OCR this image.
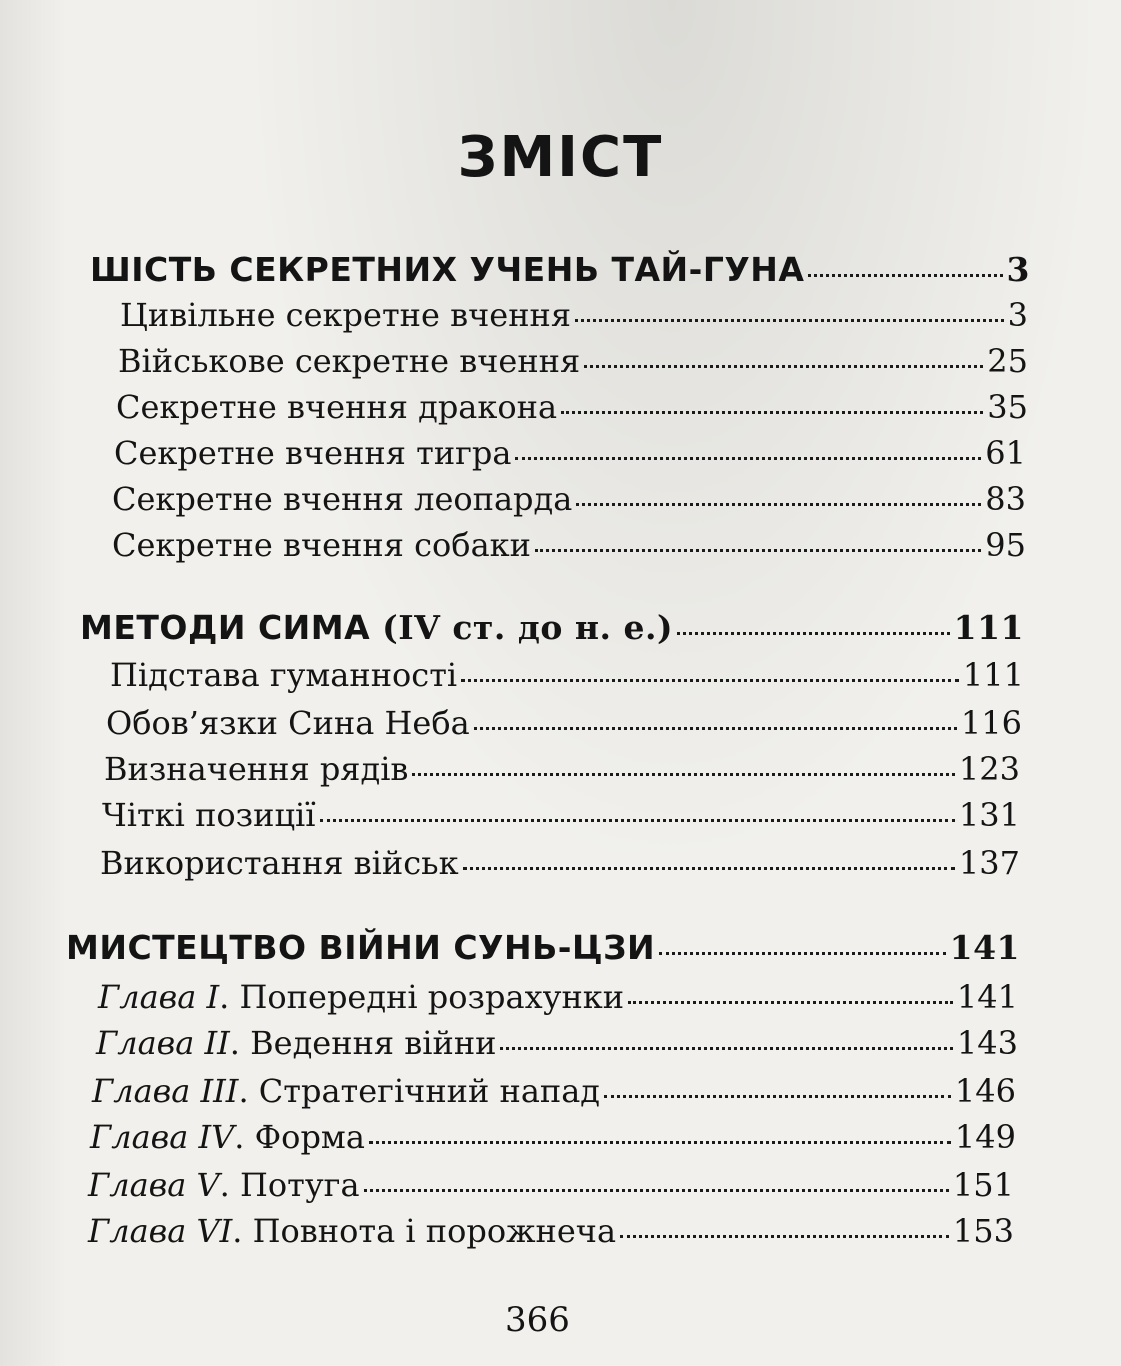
ЗМІСТ
ШІСТЬ СЕКРЕТНИХ УЧЕНЬ ТАЙ-ГУНА	3
Цивільне секретне вчення	3
Військове секретне вчення	25
Секретне вчення дракона	35
Секретне вчення тигра	61
Секретне вчення леопарда	83
Секретне вчення собаки	95
МЕТОДИ СИМА (IV ст. до н. е.)	111
Підстава гуманності	111
Обов’язки Сина Неба	116
Визначення рядів	123
Чіткі позиції	131
Використання військ	137
МИСТЕЦТВО ВІЙНИ СУНЬ-ЦЗИ	141
Глава I. Попередні розрахунки	141
Глава II. Ведення війни	143
Глава III. Стратегічний напад	146
Глава IV. Форма	149
Глава V. Потуга	151
Глава VI. Повнота і порожнеча	153
366
